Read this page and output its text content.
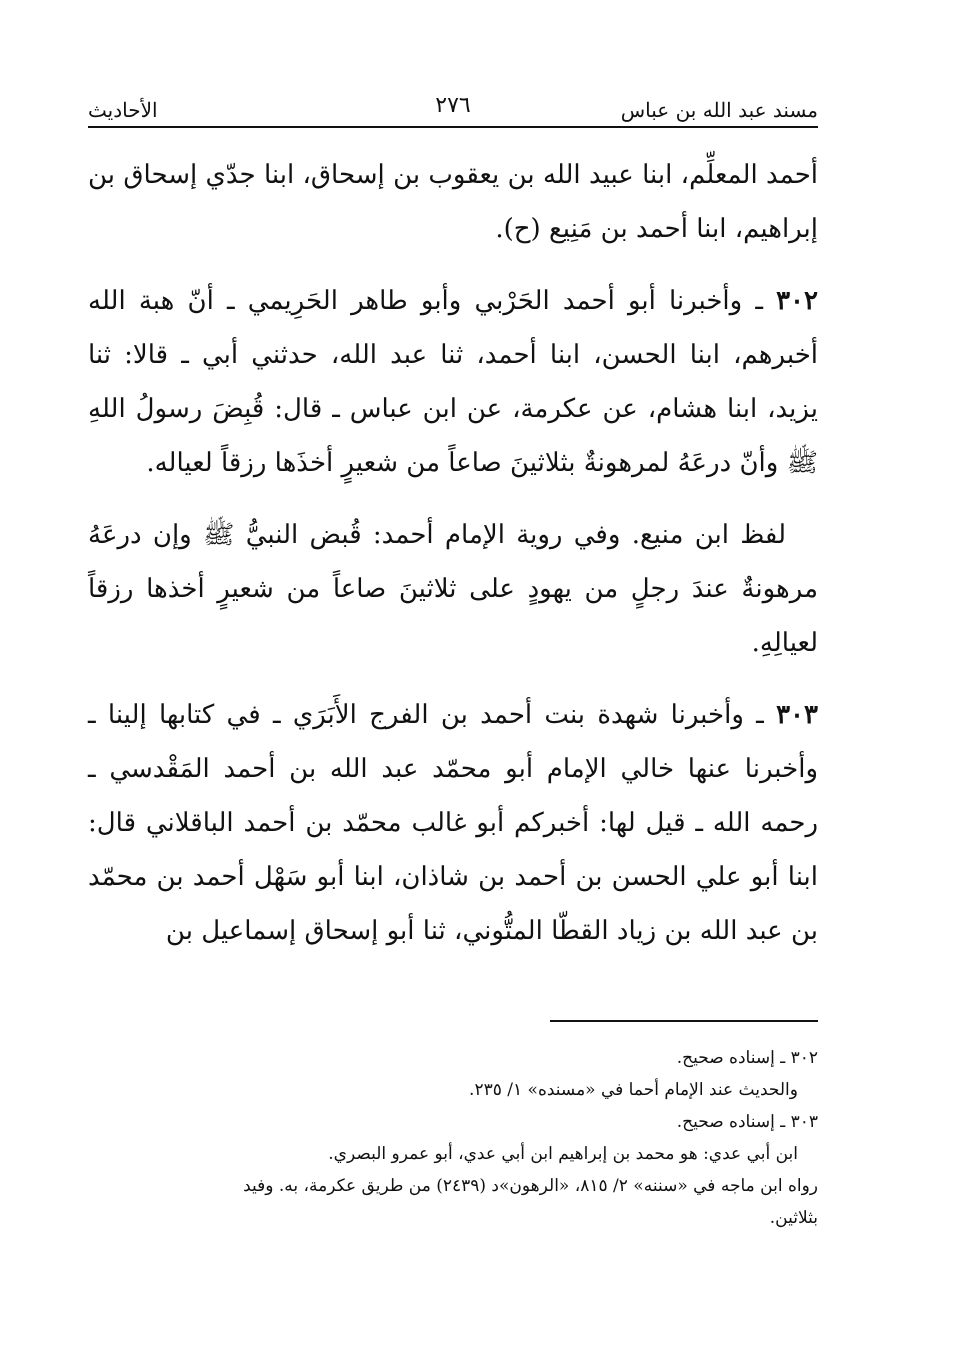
مسند عبد الله بن عباس
٢٧٦
الأحاديث

أحمد المعلِّم، ابنا عبيد الله بن يعقوب بن إسحاق، ابنا جدّي إسحاق بن إبراهيم، ابنا أحمد بن مَنِيع (ح).

٣٠٢ ـ وأخبرنا أبو أحمد الحَرْبي وأبو طاهر الحَرِيمي ـ أنّ هبة الله أخبرهم، ابنا الحسن، ابنا أحمد، ثنا عبد الله، حدثني أبي ـ قالا: ثنا يزيد، ابنا هشام، عن عكرمة، عن ابن عباس ـ قال: قُبِضَ رسولُ اللهِ ﷺ وأنّ درعَهُ لمرهونةٌ بثلاثينَ صاعاً من شعيرٍ أخذَها رزقاً لعياله.

لفظ ابن منيع. وفي روية الإمام أحمد: قُبض النبيُّ ﷺ وإن درعَهُ مرهونةٌ عندَ رجلٍ من يهودٍ على ثلاثينَ صاعاً من شعيرٍ أخذها رزقاً لعيالِهِ.

٣٠٣ ـ وأخبرنا شهدة بنت أحمد بن الفرج الأَبَرَي ـ في كتابها إلينا ـ وأخبرنا عنها خالي الإمام أبو محمّد عبد الله بن أحمد المَقْدسي ـ رحمه الله ـ قيل لها: أخبركم أبو غالب محمّد بن أحمد الباقلاني قال: ابنا أبو علي الحسن بن أحمد بن شاذان، ابنا أبو سَهْل أحمد بن محمّد بن عبد الله بن زياد القطّا المتُّوني، ثنا أبو إسحاق إسماعيل بن

٣٠٢ ـ إسناده صحيح.

والحديث عند الإمام أحما في «مسنده» ١/ ٢٣٥.

٣٠٣ ـ إسناده صحيح.

ابن أبي عدي: هو محمد بن إبراهيم ابن أبي عدي، أبو عمرو البصري.

رواه ابن ماجه في «سننه» ٢/ ٨١٥، «الرهون»د (٢٤٣٩) من طريق عكرمة، به. وفيد

بثلاثين.
